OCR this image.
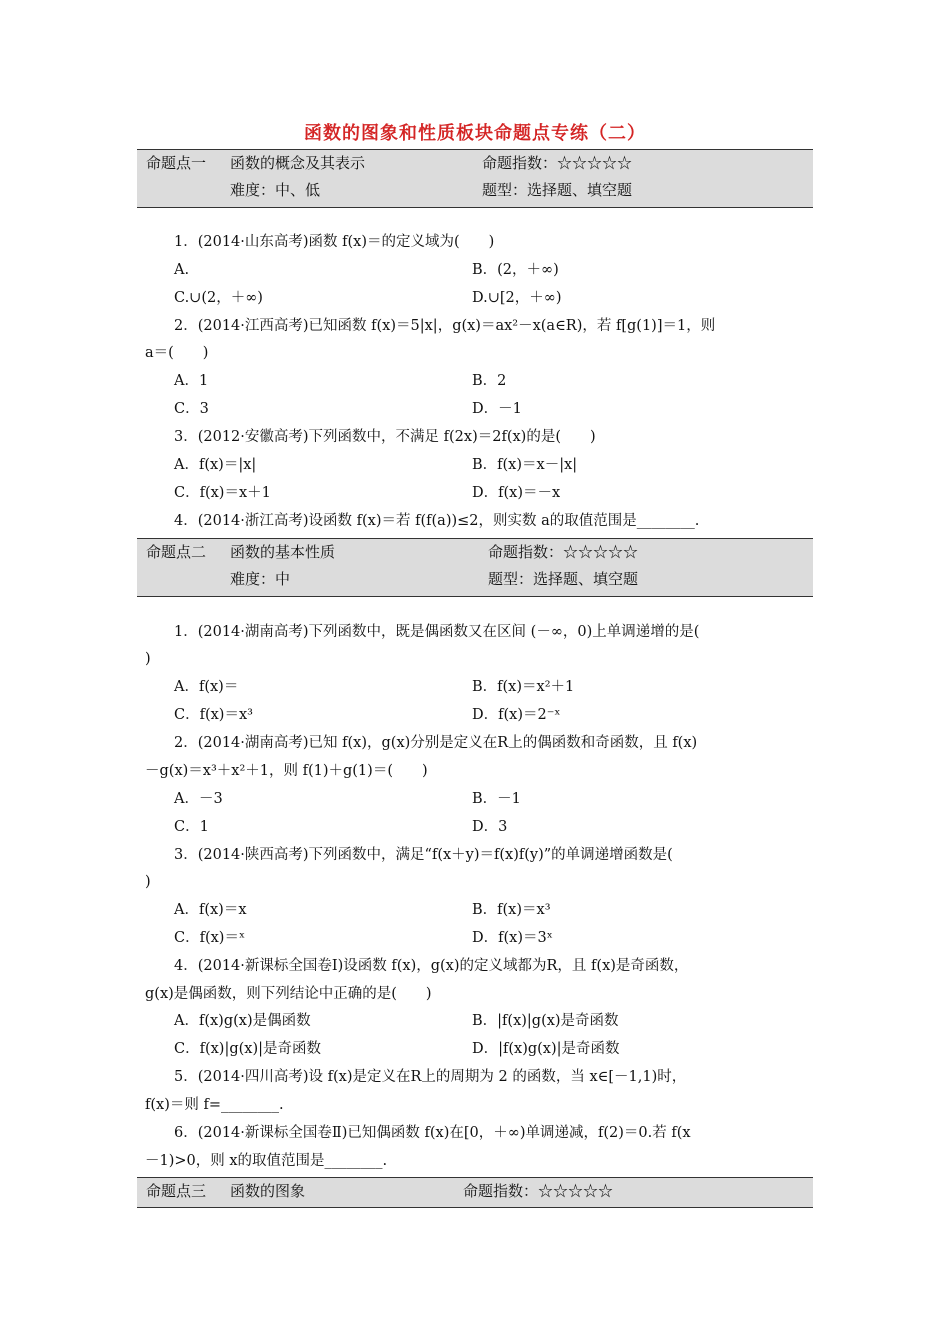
函数的图象和性质板块命题点专练（二）
命题点一 函数的概念及其表示	命题指数：☆☆☆☆☆
难度：中、低	题型：选择题、填空题
1．(2014·山东高考)函数 f(x)＝的定义域为(　　)
A.	B．(2，＋∞)
C.∪(2，＋∞)	D.∪[2，＋∞)
2．(2014·江西高考)已知函数 f(x)＝5|x|，g(x)＝ax²－x(a∈R)，若 f[g(1)]＝1，则
a＝(　　)
A．1	B．2
C．3	D．－1
3．(2012·安徽高考)下列函数中，不满足 f(2x)＝2f(x)的是(　　)
A．f(x)＝|x|	B．f(x)＝x－|x|
C．f(x)＝x＋1	D．f(x)＝－x
4．(2014·浙江高考)设函数 f(x)＝若 f(f(a))≤2，则实数 a的取值范围是________.
命题点二 函数的基本性质	命题指数：☆☆☆☆☆
难度：中	题型：选择题、填空题
1．(2014·湖南高考)下列函数中，既是偶函数又在区间 (－∞，0)上单调递增的是(
)
A．f(x)＝	B．f(x)＝x²＋1
C．f(x)＝x³	D．f(x)＝2⁻ˣ
2．(2014·湖南高考)已知 f(x)，g(x)分别是定义在R上的偶函数和奇函数，且 f(x)
－g(x)＝x³＋x²＋1，则 f(1)＋g(1)＝(　　)
A．－3	B．－1
C．1	D．3
3．(2014·陕西高考)下列函数中，满足“f(x＋y)＝f(x)f(y)”的单调递增函数是(
)
A．f(x)＝x	B．f(x)＝x³
C．f(x)＝ˣ	D．f(x)＝3ˣ
4．(2014·新课标全国卷Ⅰ)设函数 f(x)，g(x)的定义域都为R，且 f(x)是奇函数，
g(x)是偶函数，则下列结论中正确的是(　　)
A．f(x)g(x)是偶函数	B．|f(x)|g(x)是奇函数
C．f(x)|g(x)|是奇函数	D．|f(x)g(x)|是奇函数
5．(2014·四川高考)设 f(x)是定义在R上的周期为 2 的函数，当 x∈[－1,1)时，
f(x)＝则 f=________.
6．(2014·新课标全国卷Ⅱ)已知偶函数 f(x)在[0，＋∞)单调递减，f(2)＝0.若 f(x
－1)>0，则 x的取值范围是________.
命题点三 函数的图象	命题指数：☆☆☆☆☆
